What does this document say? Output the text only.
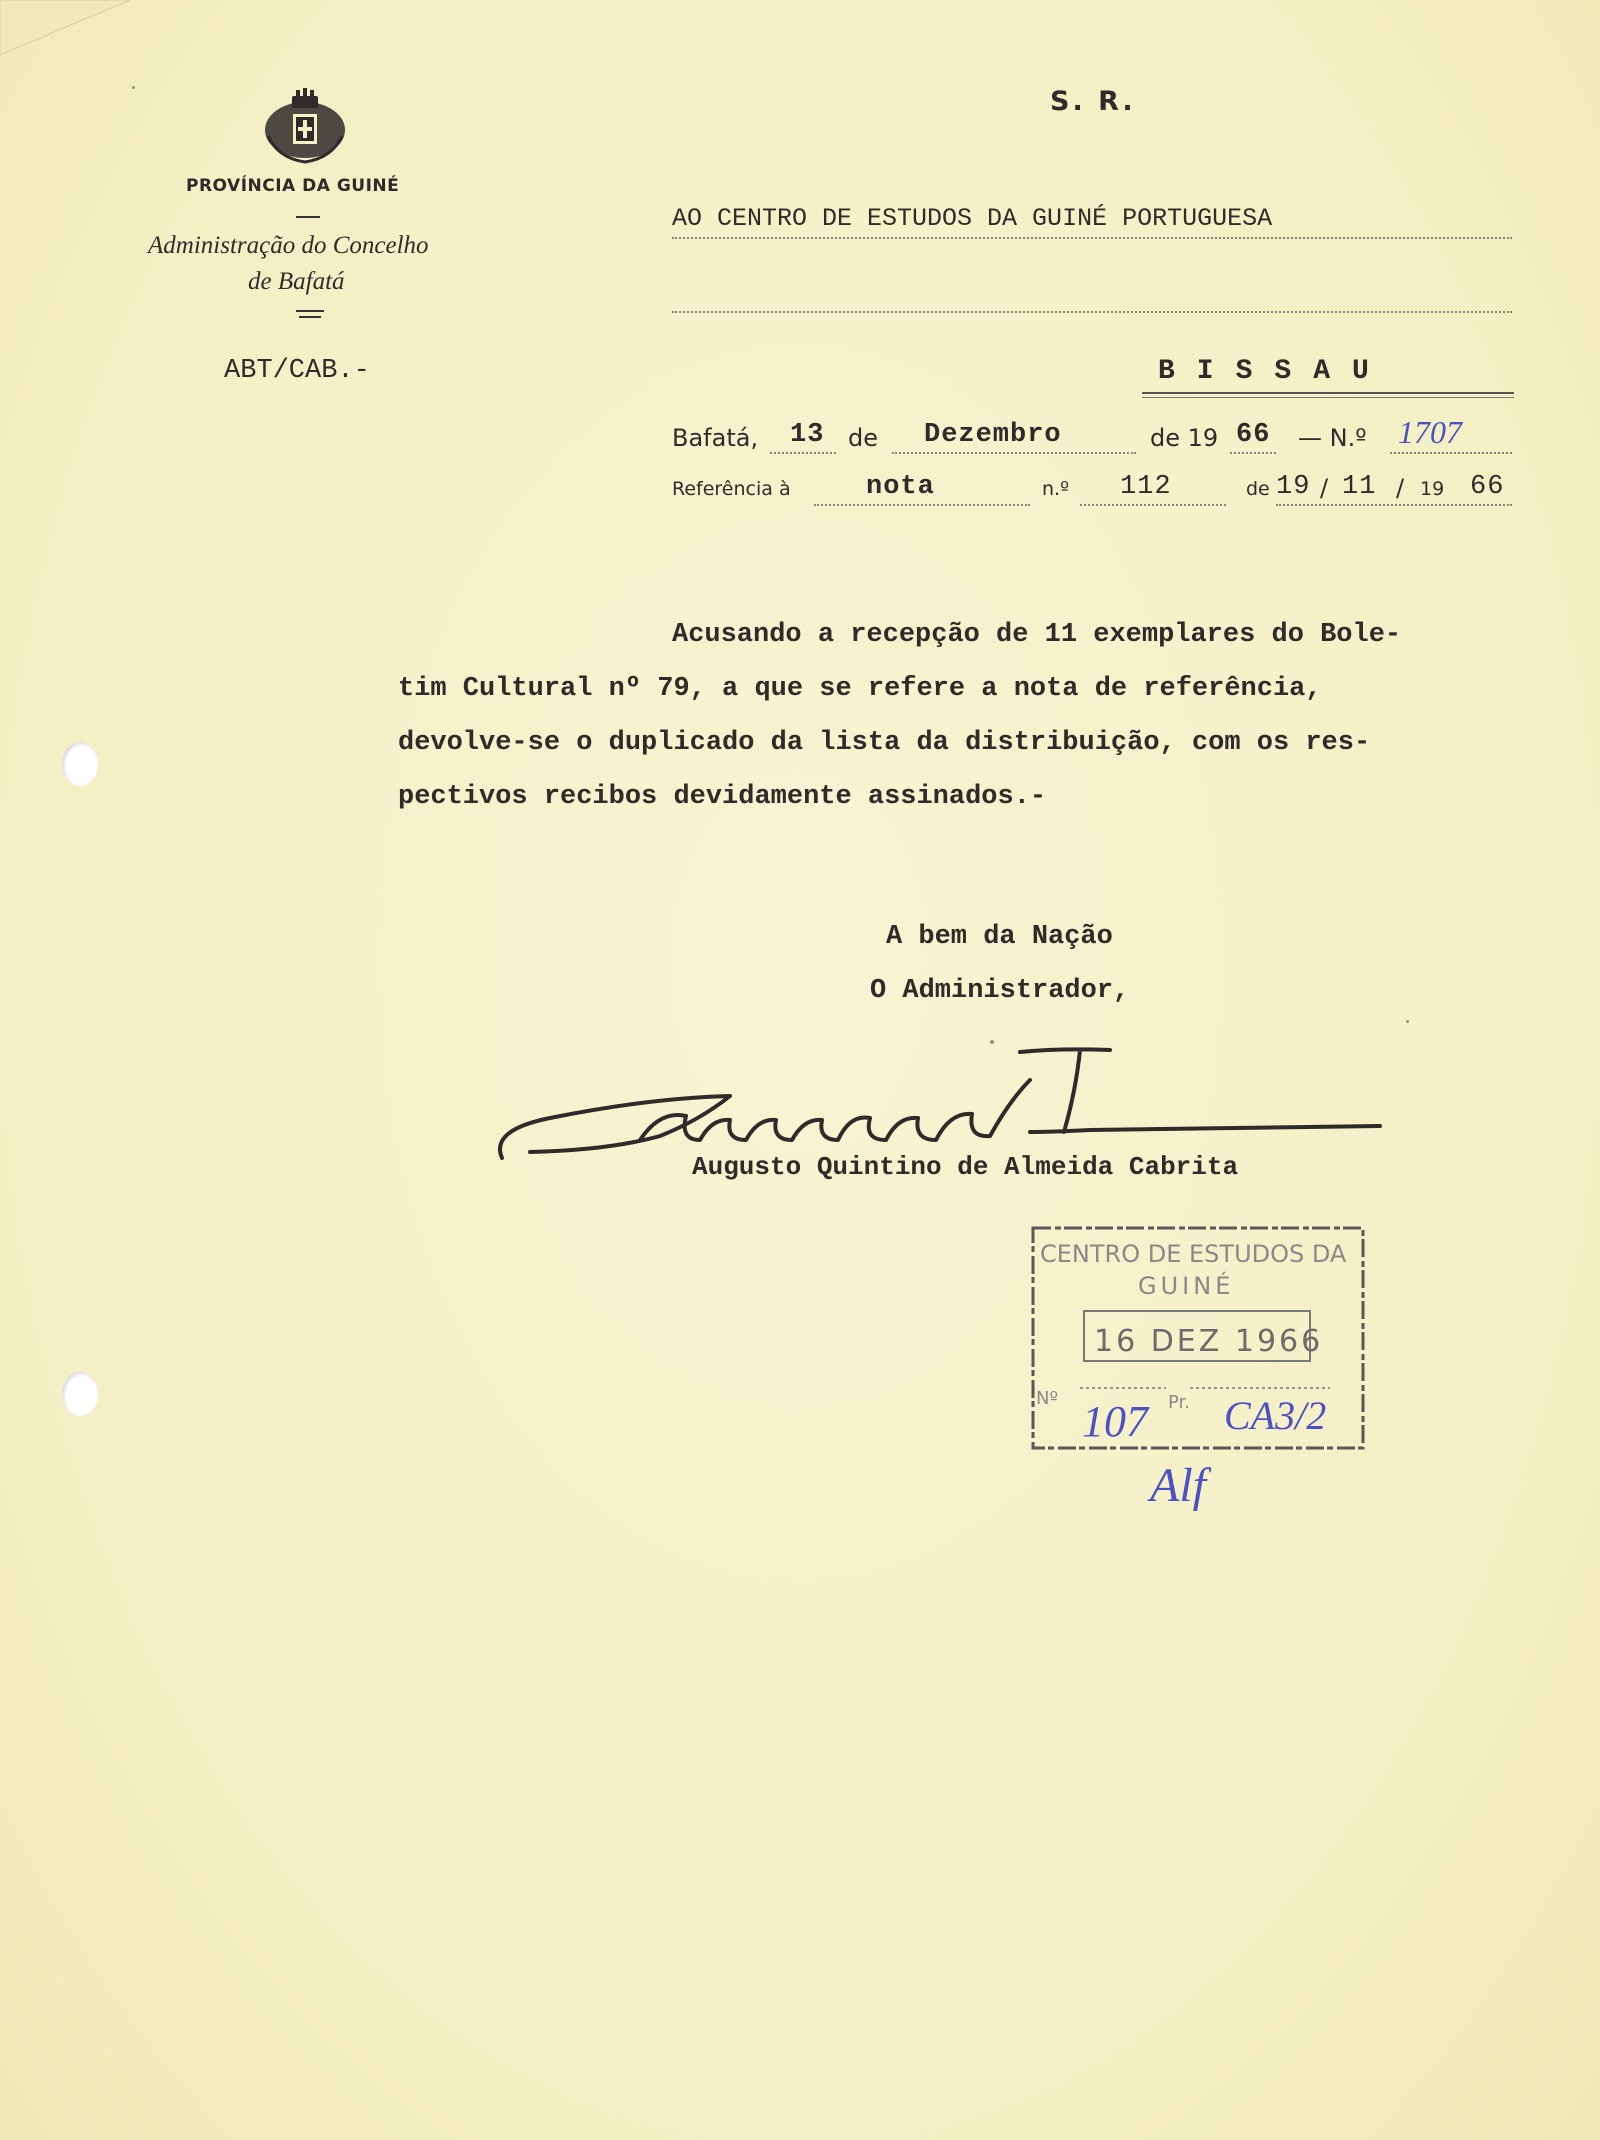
PROVÍNCIA DA GUINÉ
Administração do Concelho
de Bafatá
ABT/CAB.-
S. R.
AO CENTRO DE ESTUDOS DA GUINÉ PORTUGUESA
BISSAU
Bafatá, 13 de Dezembro	de 19 66 — N.º 1707
Referência à	nota	n.º 112	de 19 / 11 / 19 66
Acusando a recepção de 11 exemplares do Bole-
tim Cultural nº 79, a que se refere a nota de referência,
devolve-se o duplicado da lista da distribuição, com os res-
pectivos recibos devidamente assinados.-
A bem da Nação
O Administrador,
Augusto Quintino de Almeida Cabrita
CENTRO DE ESTUDOS DA
GUINÉ
16 DEZ 1966
Nº 107 Pr. CA3/2
Alf
